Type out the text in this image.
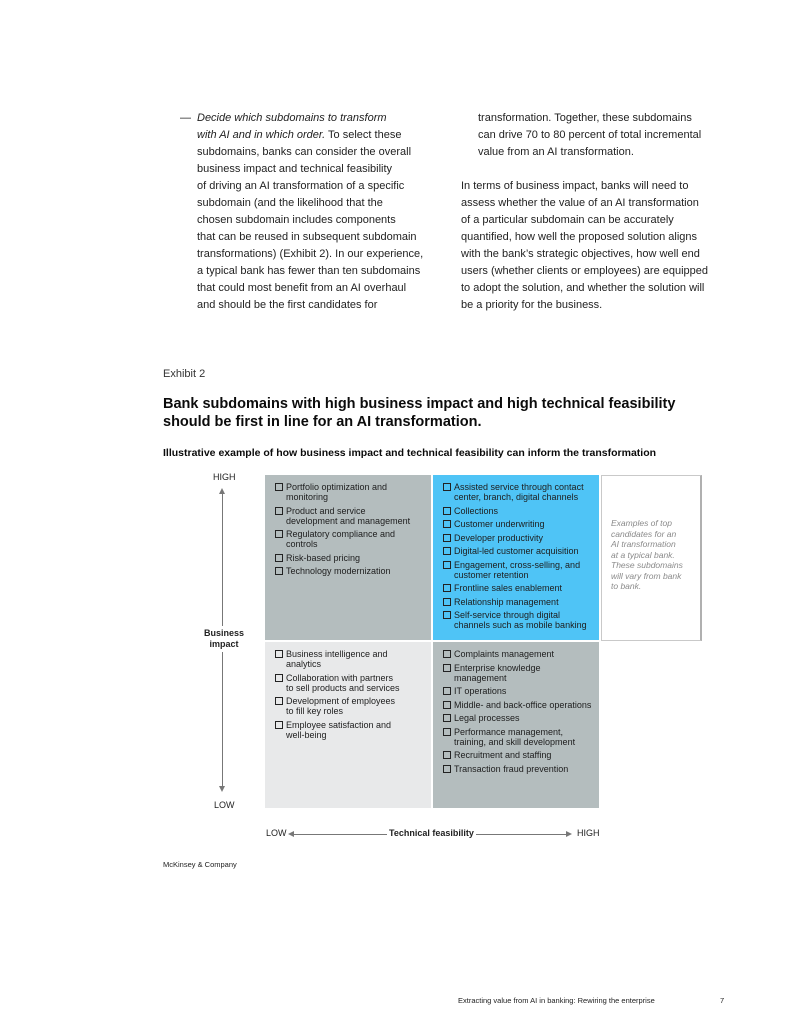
— Decide which subdomains to transform

with AI and in which order. To select these

subdomains, banks can consider the overall

business impact and technical feasibility

of driving an AI transformation of a specific

subdomain (and the likelihood that the

chosen subdomain includes components

that can be reused in subsequent subdomain

transformations) (Exhibit 2). In our experience,

a typical bank has fewer than ten subdomains

that could most benefit from an AI overhaul

and should be the first candidates for

transformation. Together, these subdomains

can drive 70 to 80 percent of total incremental

value from an AI transformation.

In terms of business impact, banks will need to

assess whether the value of an AI transformation

of a particular subdomain can be accurately

quantified, how well the proposed solution aligns

with the bank’s strategic objectives, how well end

users (whether clients or employees) are equipped

to adopt the solution, and whether the solution will

be a priority for the business.

Exhibit 2
Bank subdomains with high business impact and high technical feasibility should be first in line for an AI transformation.
Illustrative example of how business impact and technical feasibility can inform the transformation
HIGH
Business
impact
LOW
Portfolio optimization and
monitoring
Product and service
development and management
Regulatory compliance and
controls
Risk-based pricing
Technology modernization
Assisted service through contact
center, branch, digital channels
Collections
Customer underwriting
Developer productivity
Digital-led customer acquisition
Engagement, cross-selling, and
customer retention
Frontline sales enablement
Relationship management
Self-service through digital
channels such as mobile banking
Business intelligence and
analytics
Collaboration with partners
to sell products and services
Development of employees
to fill key roles
Employee satisfaction and
well-being
Complaints management
Enterprise knowledge
management
IT operations
Middle- and back-office operations
Legal processes
Performance management,
training, and skill development
Recruitment and staffing
Transaction fraud prevention
Examples of top
candidates for an
AI transformation
at a typical bank.
These subdomains
will vary from bank
to bank.
LOW	Technical feasibility	HIGH
McKinsey & Company
Extracting value from AI in banking: Rewiring the enterprise	7
